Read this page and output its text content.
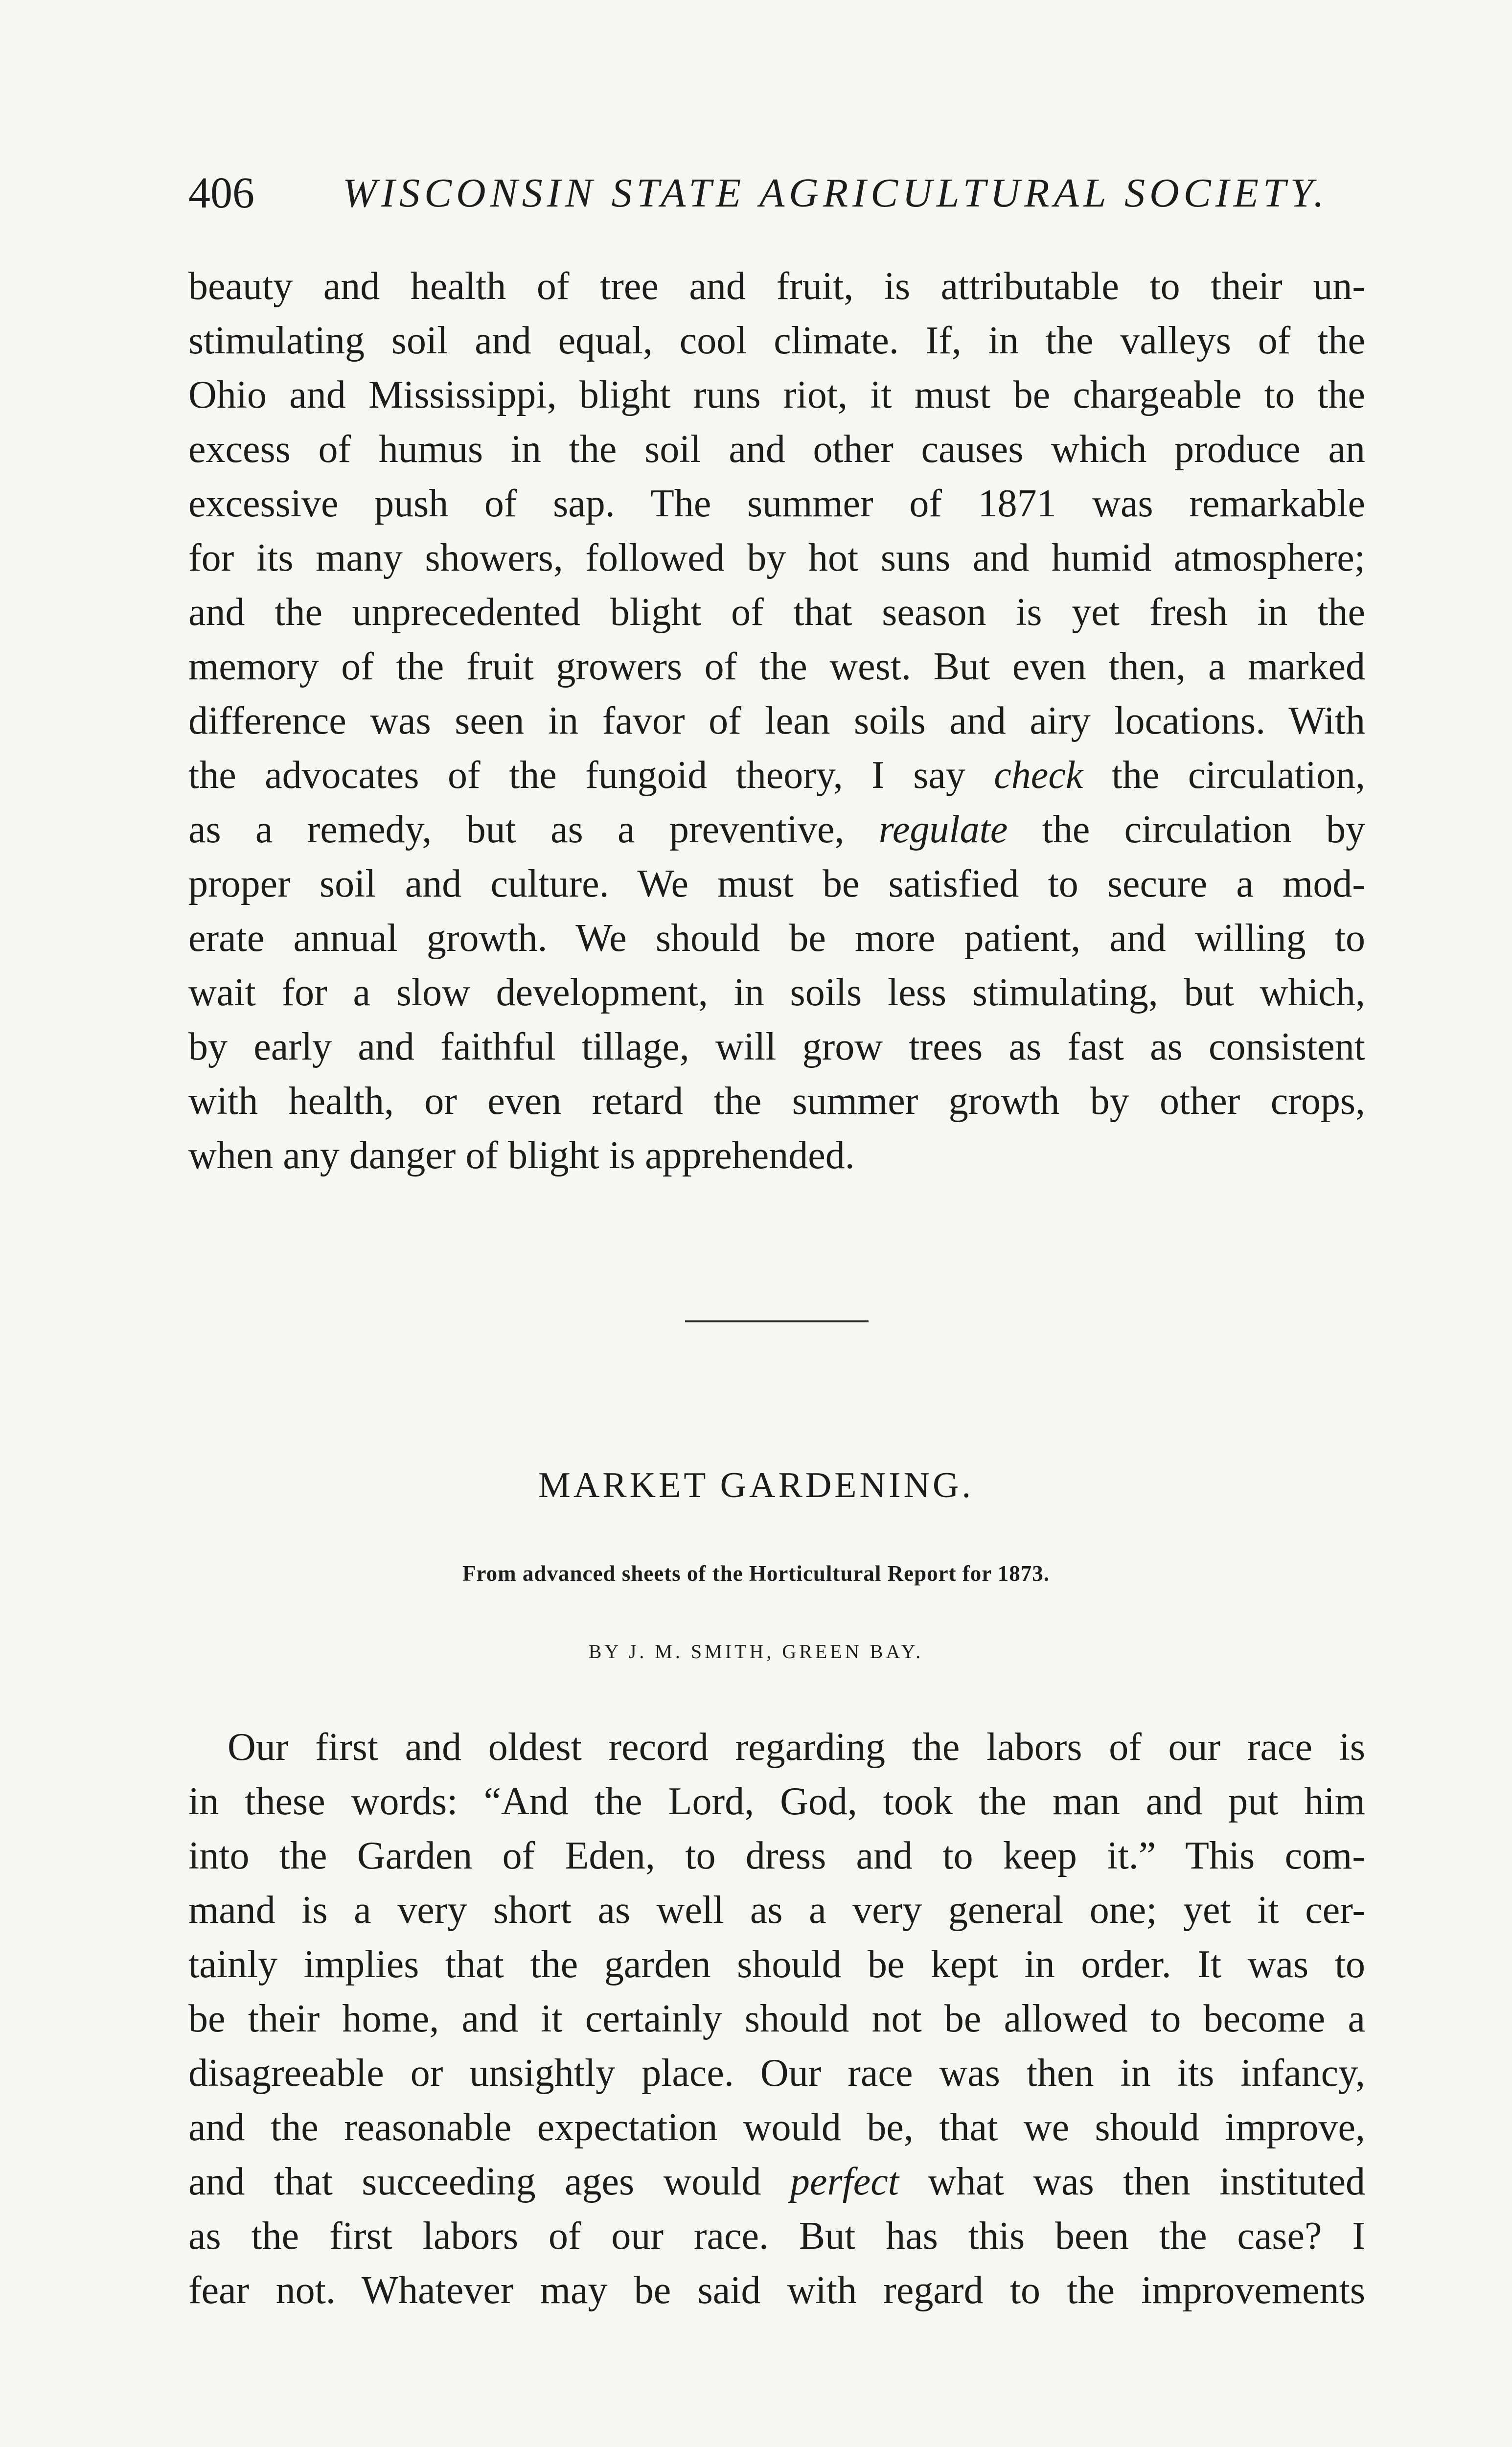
406 WISCONSIN STATE AGRICULTURAL SOCIETY.
beauty and health of tree and fruit, is attributable to their un-
stimulating soil and equal, cool climate. If, in the valleys of the
Ohio and Mississippi, blight runs riot, it must be chargeable to the
excess of humus in the soil and other causes which produce an
excessive push of sap. The summer of 1871 was remarkable
for its many showers, followed by hot suns and humid atmosphere;
and the unprecedented blight of that season is yet fresh in the
memory of the fruit growers of the west. But even then, a marked
difference was seen in favor of lean soils and airy locations. With
the advocates of the fungoid theory, I say check the circulation,
as a remedy, but as a preventive, regulate the circulation by
proper soil and culture. We must be satisfied to secure a mod-
erate annual growth. We should be more patient, and willing to
wait for a slow development, in soils less stimulating, but which,
by early and faithful tillage, will grow trees as fast as consistent
with health, or even retard the summer growth by other crops,
when any danger of blight is apprehended.
MARKET GARDENING.
From advanced sheets of the Horticultural Report for 1873.
BY J. M. SMITH, GREEN BAY.
Our first and oldest record regarding the labors of our race is
in these words: “And the Lord, God, took the man and put him
into the Garden of Eden, to dress and to keep it.” This com-
mand is a very short as well as a very general one; yet it cer-
tainly implies that the garden should be kept in order. It was to
be their home, and it certainly should not be allowed to become a
disagreeable or unsightly place. Our race was then in its infancy,
and the reasonable expectation would be, that we should improve,
and that succeeding ages would perfect what was then instituted
as the first labors of our race. But has this been the case? I
fear not. Whatever may be said with regard to the improvements
